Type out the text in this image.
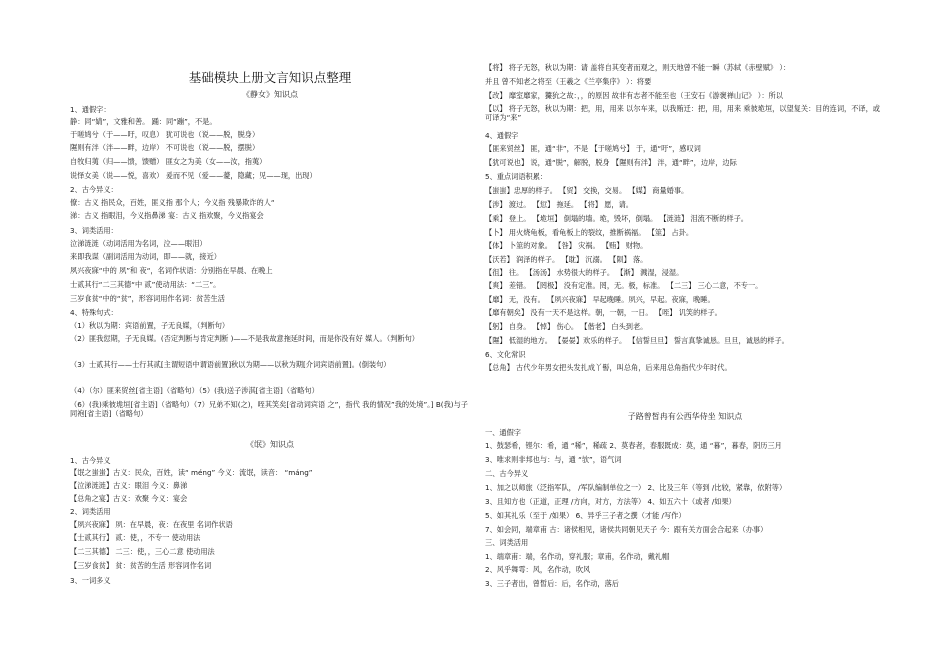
基础模块上册文言知识点整理
《静女》知识点
1、通假字：
静：同“婧”，文雅和善。 踊：同“蹦”，不是。
于嗟鸠兮（于——吁，叹息） 犹可说也（说——脱，脱身）
隰则有泮（泮——畔，边岸） 不可说也（说——脱，摆脱）
自牧归荑（归——馈，馈赠） 匪女之为美（女——汝，指荑）
说怿女美（说——悦，喜欢） 爰而不见（爱——薆，隐藏；见——现，出现）
2、古今异义：
僚：古义 指民众，百姓，匪义指 那个人；今义指 残暴欺诈的人“
涕：古义 指眼泪，今义指鼻涕 宴：古义 指欢聚，今义指宴会
3、词类活用：
泣涕涟涟（动词活用为名词，泣——眼泪）
来即我谋（副词活用为动词，即——就，接近）
夙兴夜寐“中的 夙”和 夜“，名词作状语：分别指在早晨、在晚上
士贰其行“二三其德“中 贰”使动用法：“二三”。
三岁食贫“中的“贫”，形容词用作名词：贫苦生活
4、特殊句式：
（1）秋以为期：宾语前置，子无良媒，（判断句）
（2）匪我愆期，子无良媒。(否定判断与肯定判断 )——不是我故意拖延时间，而是你没有好 媒人。（判断句）
（3）士贰其行——士行其贰[主谓短语中谓语前置]秋以为期——以秋为期[介词宾语前置]。(倒装句）
（4）（尔）匪来贸丝[省主语]（省略句）（5）(我)送子涉淇[省主语]（省略句）
（6）(我)乘彼垝垣[省主语]（省略句）（7）兄弟不知(之)，咥其笑矣[省动词宾语 之”，指代 我的情况”我的处境”。] B(我)与子同袍[省主语]（省略句）
《氓》知识点
1、古今异义
【氓之蚩蚩】古义：民众，百姓，读“ méng” 今义：流氓，读音： “máng”
【泣涕涟涟】古义：眼泪 今义：鼻涕
【总角之宴】古义：欢聚 今义：宴会
2、词类活用
【夙兴夜寐】 夙：在早晨，夜：在夜里 名词作状语
【士贰其行】 贰：使，，不专一 使动用法
【二三其德】 二三：使，，三心二意 使动用法
【三岁食贫】 贫：贫苦的生活 形容词作名词
3、一词多义
【将】 将子无怒，秋以为期：请 盖将自其变者而观之，则天地曾不能一瞬（苏轼《赤壁赋》 ）：
并且 曾不知老之将至（王羲之《兰亭集序》 ）：将要
【改】 靡室靡家，玁狁之故：，，的原因 故非有志者不能至也（王安石《游褒禅山记》 ）：所以
【以】 将子无怒，秋以为期：把，用，用来 以尔车来，以我贿迁：把，用，用来 乘彼垝垣，以望复关：目的连词，不译，或可译为“来”
4、通假字
【匪来贸丝】 匪，通“非”，不是 【于嗟鸠兮】 于，通“吁”，感叹词
【犹可说也】 说，通“脱”，解脱，脱身 【隰则有泮】 泮，通“畔”，边岸，边际
5、重点词语积累：
【蚩蚩】忠厚的样子。 【贸】 交换，交易。 【媒】 商量婚事。
【涉】 渡过。 【愆】 拖延。 【将】 愿，请。
【乘】 登上。 【垝垣】 倒塌的墙。垝，毁坏，倒塌。 【涟涟】 泪流不断的样子。
【卜】 用火烧龟板，看龟板上的裂纹，推断祸福。 【筮】 占卦。
【体】 卜筮的对象。 【咎】 灾祸。 【贿】 财物。
【沃若】 润泽的样子。 【耽】 沉溺。 【陨】 落。
【徂】 往。 【汤汤】 水势很大的样子。 【渐】 溅湿，浸湿。
【爽】 差错。 【罔极】 没有定准。罔，无。极，标准。 【二三】 三心二意，不专一。
【靡】 无，没有。 【夙兴夜寐】 早起晚睡。夙兴，早起。夜寐，晚睡。
【靡有朝矣】 没有一天不是这样。朝，一朝，一日。 【咥】 讥笑的样子。
【躬】 自身。 【悼】 伤心。 【偕老】 白头到老。
【隰】 低湿的地方。 【晏晏】欢乐的样子。 【信誓旦旦】 誓言真挚诚恳。旦旦，诚恳的样子。
6、文化常识
【总角】 古代少年男女把头发扎成丫髻，叫总角，后来用总角指代少年时代。
子路曾皙冉有公西华侍坐 知识点
一、通假字
1、鼓瑟希，铿尔：希，通 “稀”，稀疏 2、莫春者，春服既成：莫，通 “暮”，暮春，阴历三月
3、唯求则非邦也与：与，通 “欤”，语气词
二、古今异义
1、加之以师旅（泛指军队， /军队编制单位之一） 2、比及三年（等到 /比较，紧靠，依附等）
3、且知方也（正道，正理 /方向，对方，方法等） 4、如五六十（或者 /如果）
5、如其礼乐（至于 /如果） 6、异乎三子者之撰（才能 /写作）
7、如会同，端章甫 古：诸侯相见，诸侯共同朝见天子 今：跟有关方面会合起来（办事）
三、词类活用
1、端章甫：端，名作动，穿礼服；章甫，名作动，戴礼帽
2、风乎舞雩：风，名作动，吹风
3、三子者出，曾皙后：后，名作动，落后
